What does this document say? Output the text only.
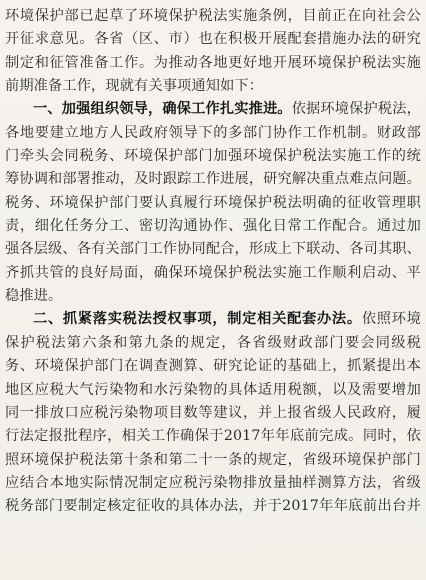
环境保护部已起草了环境保护税法实施条例，目前正在向社会公
开征求意见。各省（区、市）也在积极开展配套措施办法的研究
制定和征管准备工作。为推动各地更好地开展环境保护税法实施
前期准备工作，现就有关事项通知如下：
一、加强组织领导，确保工作扎实推进。依据环境保护税法，
各地要建立地方人民政府领导下的多部门协作工作机制。财政部
门牵头会同税务、环境保护部门加强环境保护税法实施工作的统
筹协调和部署推动，及时跟踪工作进展，研究解决重点难点问题。
税务、环境保护部门要认真履行环境保护税法明确的征收管理职
责，细化任务分工、密切沟通协作、强化日常工作配合。通过加
强各层级、各有关部门工作协同配合，形成上下联动、各司其职、
齐抓共管的良好局面，确保环境保护税法实施工作顺利启动、平
稳推进。
二、抓紧落实税法授权事项，制定相关配套办法。依照环境
保护税法第六条和第九条的规定，各省级财政部门要会同级税
务、环境保护部门在调查测算、研究论证的基础上，抓紧提出本
地区应税大气污染物和水污染物的具体适用税额，以及需要增加
同一排放口应税污染物项目数等建议，并上报省级人民政府，履
行法定报批程序，相关工作确保于2017年年底前完成。同时，依
照环境保护税法第十条和第二十一条的规定，省级环境保护部门
应结合本地实际情况制定应税污染物排放量抽样测算方法，省级
税务部门要制定核定征收的具体办法，并于2017年年底前出台并
